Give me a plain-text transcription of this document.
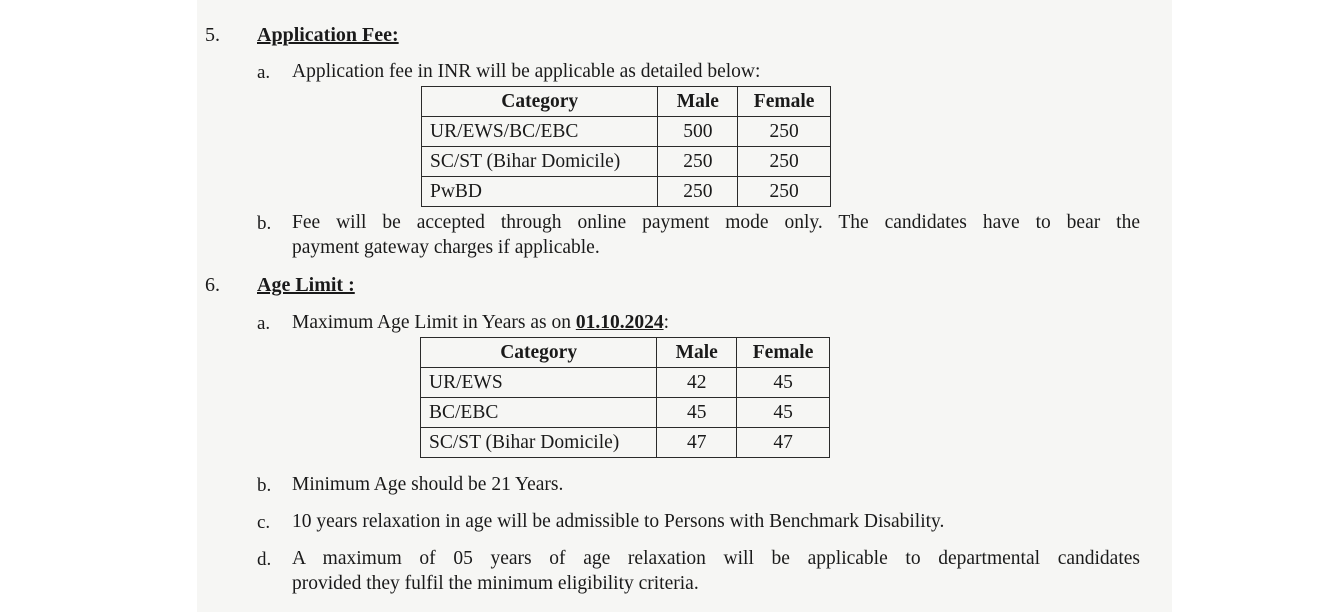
5. Application Fee:
a. Application fee in INR will be applicable as detailed below:
Category	Male	Female
UR/EWS/BC/EBC	500	250
SC/ST (Bihar Domicile)	250	250
PwBD	250	250
b. Fee will be accepted through online payment mode only. The candidates have to bear the
payment gateway charges if applicable.
6. Age Limit :
a. Maximum Age Limit in Years as on 01.10.2024:
Category	Male	Female
UR/EWS	42	45
BC/EBC	45	45
SC/ST (Bihar Domicile)	47	47
b. Minimum Age should be 21 Years.
c. 10 years relaxation in age will be admissible to Persons with Benchmark Disability.
d. A maximum of 05 years of age relaxation will be applicable to departmental candidates
provided they fulfil the minimum eligibility criteria.
